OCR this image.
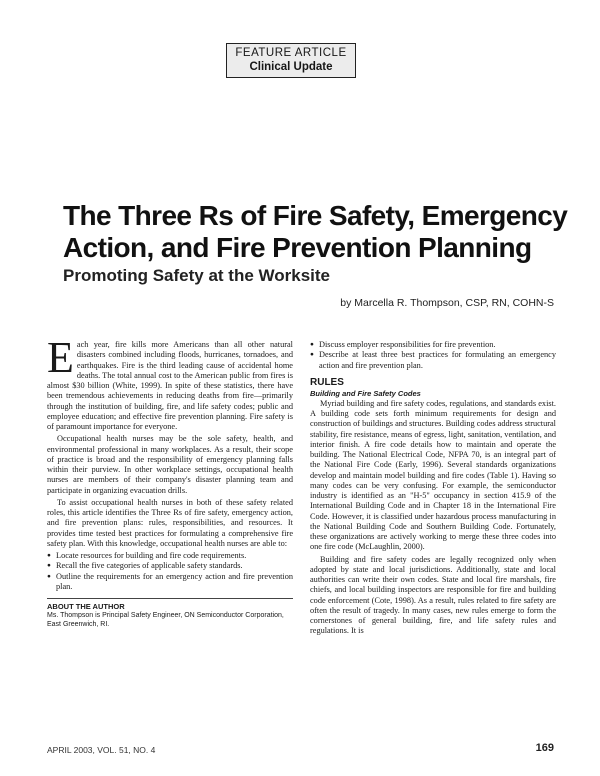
FEATURE ARTICLE
Clinical Update
The Three Rs of Fire Safety, Emergency Action, and Fire Prevention Planning
Promoting Safety at the Worksite
by Marcella R. Thompson, CSP, RN, COHN-S

Each year, fire kills more Americans than all other natural disasters combined including floods, hurricanes, tornadoes, and earthquakes. Fire is the third leading cause of accidental home deaths. The total annual cost to the American public from fires is almost $30 billion (White, 1999). In spite of these statistics, there have been tremendous achievements in reducing deaths from fire—primarily through the institution of building, fire, and life safety codes; public and employee education; and effective fire prevention planning. Fire safety is of paramount importance for everyone.

Occupational health nurses may be the sole safety, health, and environmental professional in many workplaces. As a result, their scope of practice is broad and the responsibility of emergency planning falls within their purview. In other workplace settings, occupational health nurses are members of their company's disaster planning team and participate in organizing evacuation drills.

To assist occupational health nurses in both of these safety related roles, this article identifies the Three Rs of fire safety, emergency action, and fire prevention plans: rules, responsibilities, and resources. It provides time tested best practices for formulating a comprehensive fire safety plan. With this knowledge, occupational health nurses are able to:

● Locate resources for building and fire code requirements.
● Recall the five categories of applicable safety standards.
● Outline the requirements for an emergency action and fire prevention plan.
ABOUT THE AUTHOR
Ms. Thompson is Principal Safety Engineer, ON Semiconductor Corporation, East Greenwich, RI.
● Discuss employer responsibilities for fire prevention.
● Describe at least three best practices for formulating an emergency action and fire prevention plan.
RULES
Building and Fire Safety Codes

Myriad building and fire safety codes, regulations, and standards exist. A building code sets forth minimum requirements for design and construction of buildings and structures. Building codes address structural stability, fire resistance, means of egress, light, sanitation, ventilation, and interior finish. A fire code details how to maintain and operate the building. The National Electrical Code, NFPA 70, is an integral part of the National Fire Code (Early, 1996). Several standards organizations develop and maintain model building and fire codes (Table 1). Having so many codes can be very confusing. For example, the semiconductor industry is identified as an "H-5" occupancy in section 415.9 of the International Building Code and in Chapter 18 in the International Fire Code. However, it is classified under hazardous process manufacturing in the National Building Code and Southern Building Code. Fortunately, these organizations are actively working to merge these three codes into one fire code (McLaughlin, 2000).

Building and fire safety codes are legally recognized only when adopted by state and local jurisdictions. Additionally, state and local authorities can write their own codes. State and local fire marshals, fire chiefs, and local building inspectors are responsible for fire and building code enforcement (Cote, 1998). As a result, rules related to fire safety are often the result of tragedy. In many cases, new rules emerge to form the cornerstones of general building, fire, and life safety rules and regulations. It is

APRIL 2003, VOL. 51, NO. 4	169
